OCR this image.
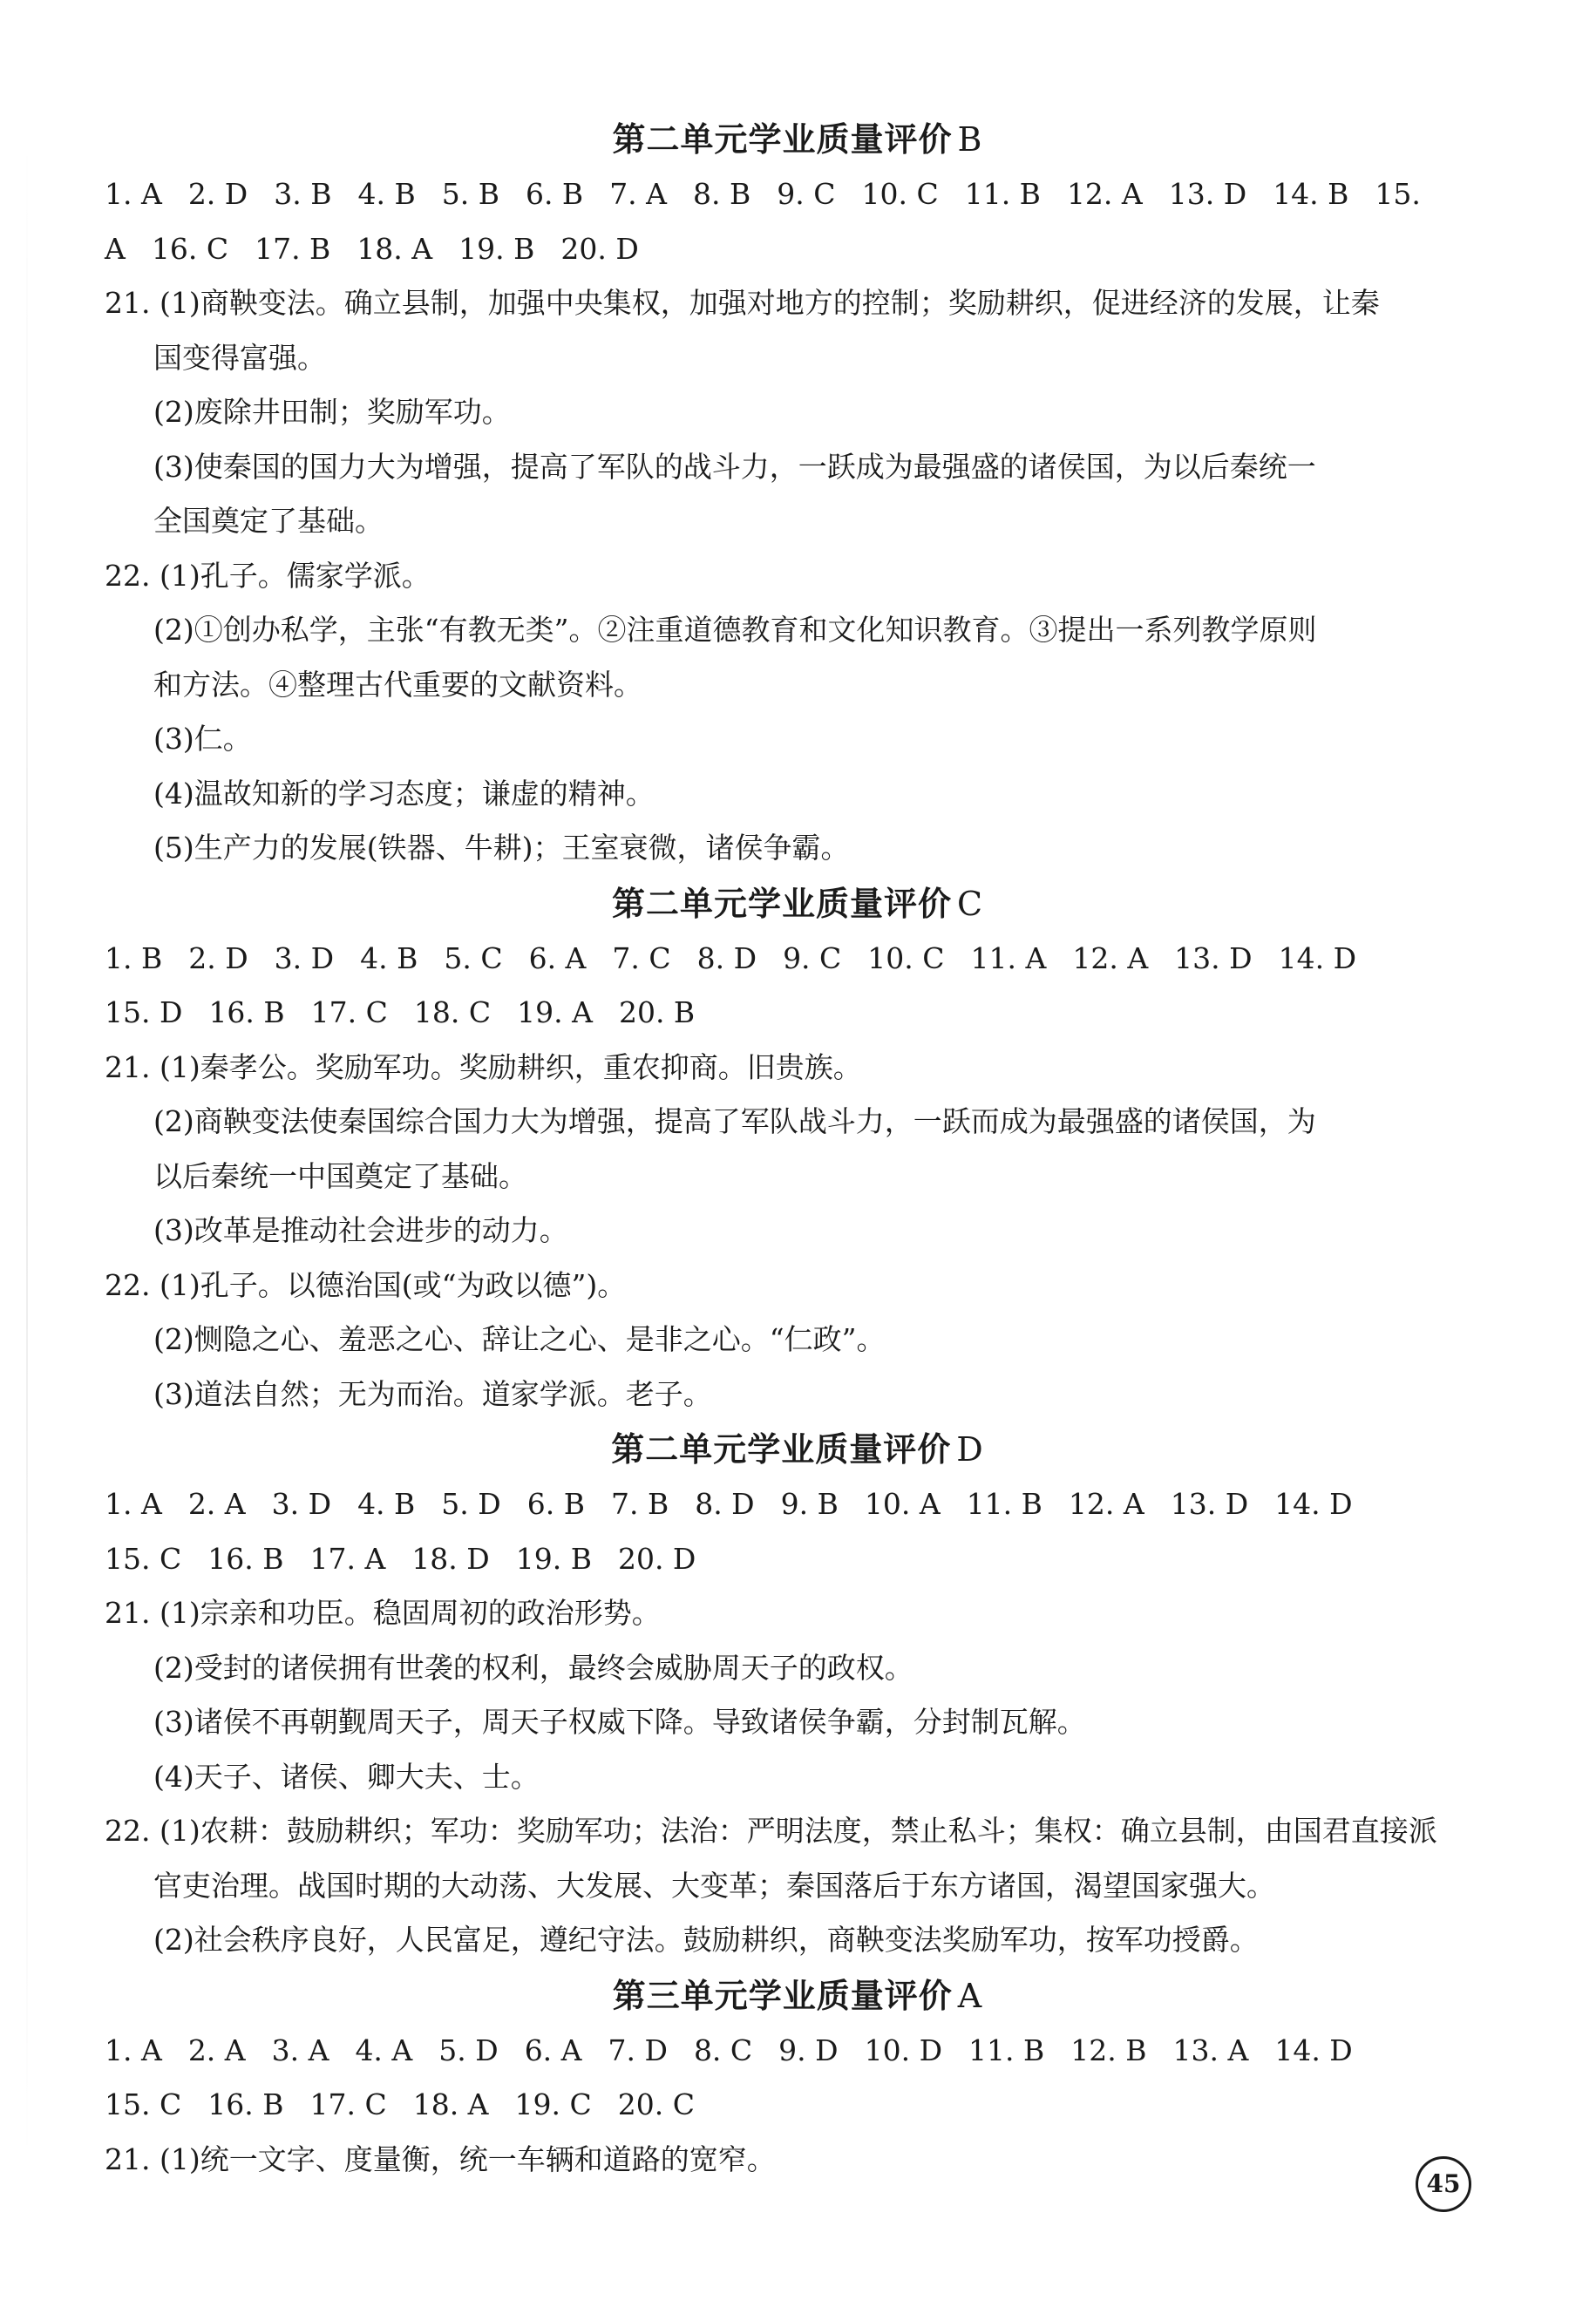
第二单元学业质量评价 B
1. A 2. D 3. B 4. B 5. B 6. B 7. A 8. B 9. C 10. C 11. B 12. A 13. D 14. B 15.
A 16. C 17. B 18. A 19. B 20. D
21. (1)商鞅变法。确立县制，加强中央集权，加强对地方的控制；奖励耕织，促进经济的发展，让秦
国变得富强。
(2)废除井田制；奖励军功。
(3)使秦国的国力大为增强，提高了军队的战斗力，一跃成为最强盛的诸侯国，为以后秦统一
全国奠定了基础。
22. (1)孔子。儒家学派。
(2)①创办私学，主张“有教无类”。②注重道德教育和文化知识教育。③提出一系列教学原则
和方法。④整理古代重要的文献资料。
(3)仁。
(4)温故知新的学习态度；谦虚的精神。
(5)生产力的发展(铁器、牛耕)；王室衰微，诸侯争霸。
第二单元学业质量评价 C
1. B 2. D 3. D 4. B 5. C 6. A 7. C 8. D 9. C 10. C 11. A 12. A 13. D 14. D
15. D 16. B 17. C 18. C 19. A 20. B
21. (1)秦孝公。奖励军功。奖励耕织，重农抑商。旧贵族。
(2)商鞅变法使秦国综合国力大为增强，提高了军队战斗力，一跃而成为最强盛的诸侯国，为
以后秦统一中国奠定了基础。
(3)改革是推动社会进步的动力。
22. (1)孔子。以德治国(或“为政以德”)。
(2)恻隐之心、羞恶之心、辞让之心、是非之心。“仁政”。
(3)道法自然；无为而治。道家学派。老子。
第二单元学业质量评价 D
1. A 2. A 3. D 4. B 5. D 6. B 7. B 8. D 9. B 10. A 11. B 12. A 13. D 14. D
15. C 16. B 17. A 18. D 19. B 20. D
21. (1)宗亲和功臣。稳固周初的政治形势。
(2)受封的诸侯拥有世袭的权利，最终会威胁周天子的政权。
(3)诸侯不再朝觐周天子，周天子权威下降。导致诸侯争霸，分封制瓦解。
(4)天子、诸侯、卿大夫、士。
22. (1)农耕：鼓励耕织；军功：奖励军功；法治：严明法度，禁止私斗；集权：确立县制，由国君直接派
官吏治理。战国时期的大动荡、大发展、大变革；秦国落后于东方诸国，渴望国家强大。
(2)社会秩序良好，人民富足，遵纪守法。鼓励耕织，商鞅变法奖励军功，按军功授爵。
第三单元学业质量评价 A
1. A 2. A 3. A 4. A 5. D 6. A 7. D 8. C 9. D 10. D 11. B 12. B 13. A 14. D
15. C 16. B 17. C 18. A 19. C 20. C
21. (1)统一文字、度量衡，统一车辆和道路的宽窄。
45
